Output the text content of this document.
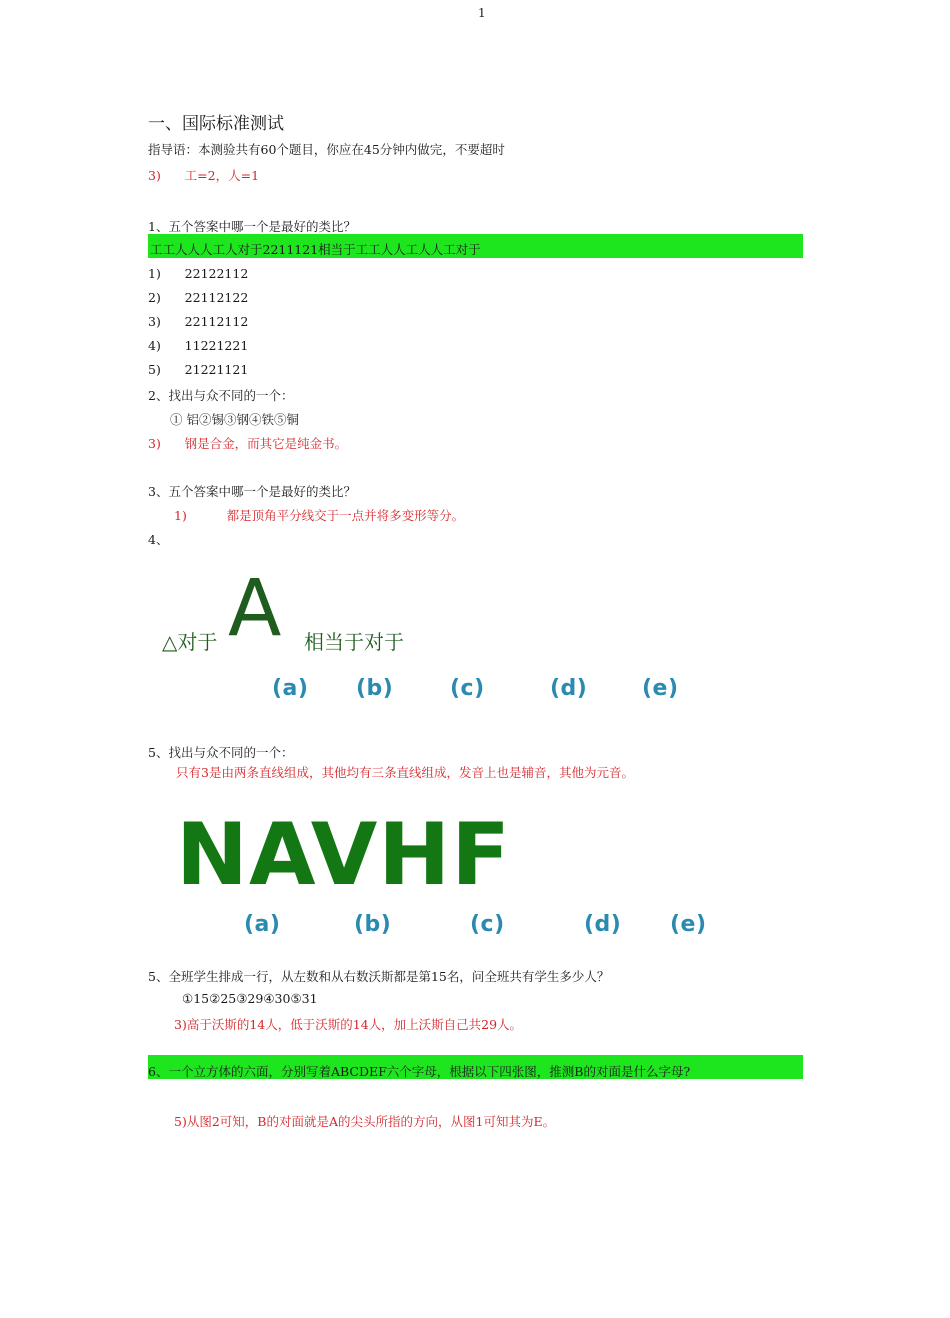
1
一、国际标准测试
指导语：本测验共有60个题目，你应在45分钟内做完，不要超时
3)      工=2，人=1
1、五个答案中哪一个是最好的类比？
工工人人人工人对于2211121相当于工工人人工人人工对于
1)      22122112
2)      22112122
3)      22112112
4)      11221221
5)      21221121
2、找出与众不同的一个：
① 铝②锡③钢④铁⑤铜
3)      钢是合金，而其它是纯金书。
3、五个答案中哪一个是最好的类比？
1)          都是顶角平分线交于一点并将多变形等分。
4、
△对于 A 相当于对于
(a) (b)	(c)	(d) (e)
5、找出与众不同的一个：
只有3是由两条直线组成，其他均有三条直线组成，发音上也是辅音，其他为元音。
NAVHF
(a)	(b)	(c)	(d) (e)
5、全班学生排成一行，从左数和从右数沃斯都是第15名，问全班共有学生多少人？
①15②25③29④30⑤31
3)高于沃斯的14人，低于沃斯的14人，加上沃斯自己共29人。
6、一个立方体的六面，分别写着ABCDEF六个字母，根据以下四张图，推测B的对面是什么字母?
5)从图2可知，B的对面就是A的尖头所指的方向，从图1可知其为E。
